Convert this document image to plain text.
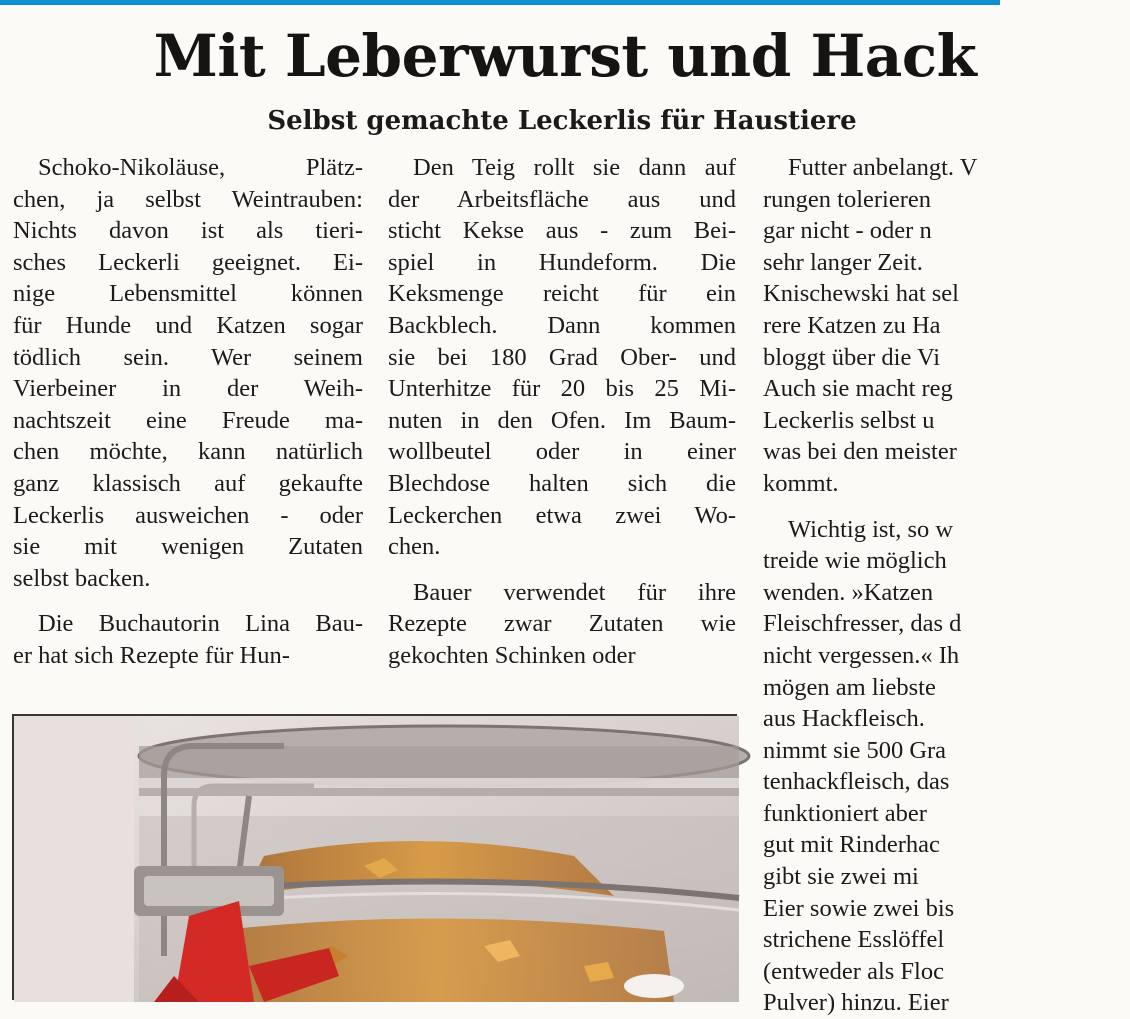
Mit Leberwurst und Hack
Selbst gemachte Leckerlis für Haustiere
Schoko-Nikoläuse, Plätz-
chen, ja selbst Weintrauben:
Nichts davon ist als tieri-
sches Leckerli geeignet. Ei-
nige Lebensmittel können
für Hunde und Katzen sogar
tödlich sein. Wer seinem
Vierbeiner in der Weih-
nachtszeit eine Freude ma-
chen möchte, kann natürlich
ganz klassisch auf gekaufte
Leckerlis ausweichen - oder
sie mit wenigen Zutaten
selbst backen.
Die Buchautorin Lina Bau-
er hat sich Rezepte für Hun-
Den Teig rollt sie dann auf
der Arbeitsfläche aus und
sticht Kekse aus - zum Bei-
spiel in Hundeform. Die
Keksmenge reicht für ein
Backblech. Dann kommen
sie bei 180 Grad Ober- und
Unterhitze für 20 bis 25 Mi-
nuten in den Ofen. Im Baum-
wollbeutel oder in einer
Blechdose halten sich die
Leckerchen etwa zwei Wo-
chen.
Bauer verwendet für ihre
Rezepte zwar Zutaten wie
gekochten Schinken oder
Futter anbelangt. V
rungen tolerieren
gar nicht - oder n
sehr langer Zeit.
Knischewski hat sel
rere Katzen zu Ha
bloggt über die Vi
Auch sie macht reg
Leckerlis selbst u
was bei den meister
kommt.
Wichtig ist, so w
treide wie möglich
wenden. »Katzen
Fleischfresser, das d
nicht vergessen.« Ih
mögen am liebste
aus Hackfleisch.
nimmt sie 500 Gra
tenhackfleisch, das
funktioniert aber
gut mit Rinderhac
gibt sie zwei mi
Eier sowie zwei bis
strichene Esslöffel
(entweder als Floc
Pulver) hinzu. Eier
